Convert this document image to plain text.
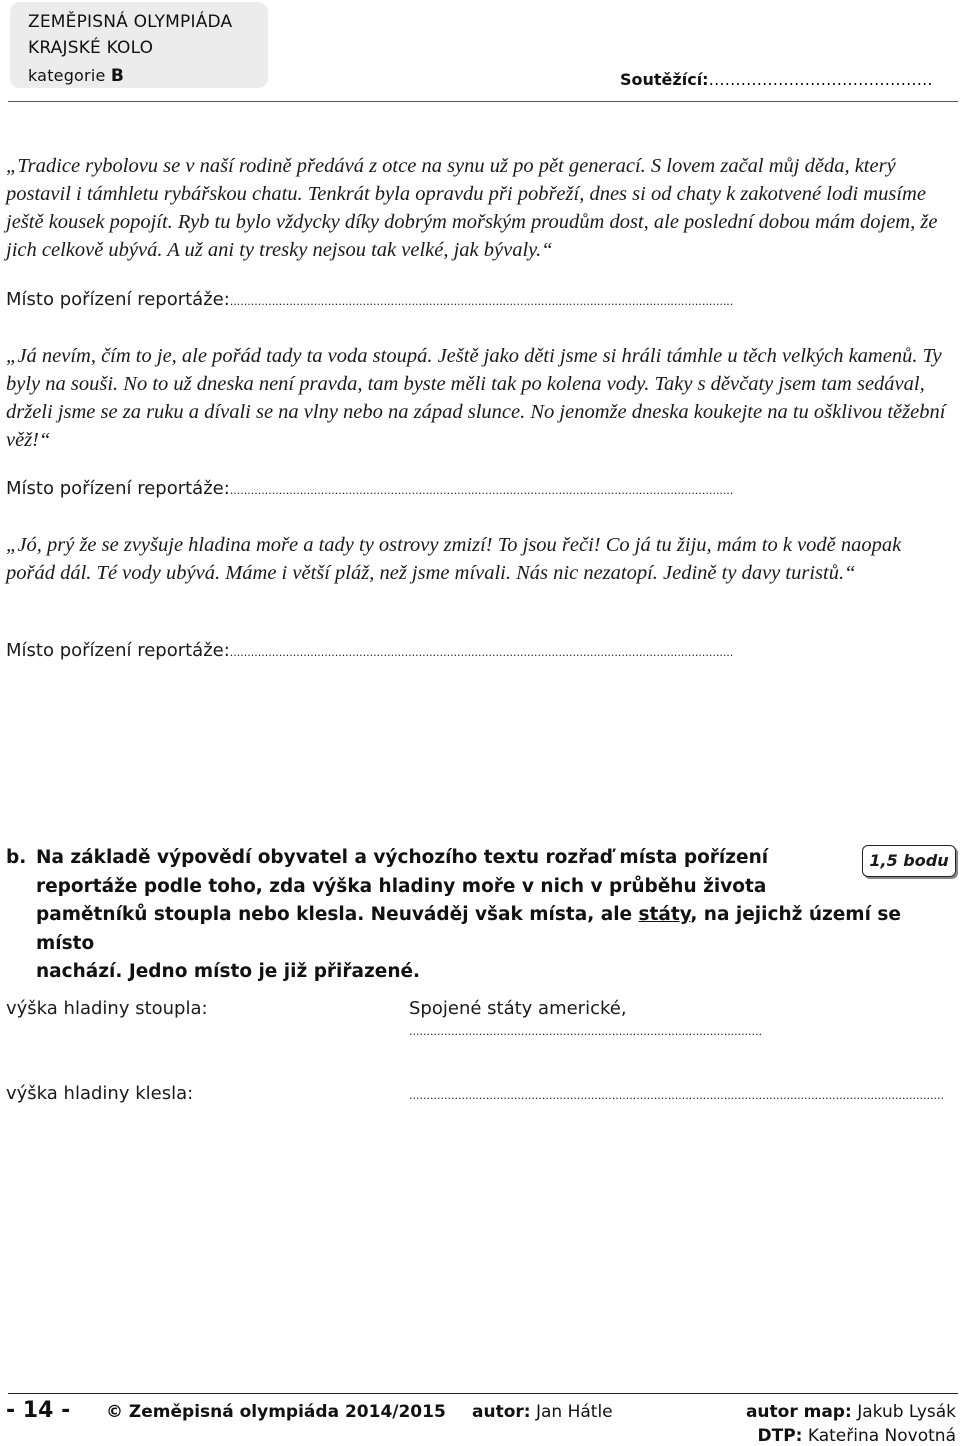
ZEMĚPISNÁ OLYMPIÁDA
KRAJSKÉ KOLO
kategorie B	Soutěžící:……………………………………
„Tradice rybolovu se v naší rodině předává z otce na synu už po pět generací. S lovem začal můj děda, který postavil i támhletu rybářskou chatu. Tenkrát byla opravdu při pobřeží, dnes si od chaty k zakotvené lodi musíme ještě kousek popojít. Ryb tu bylo vždycky díky dobrým mořským proudům dost, ale poslední dobou mám dojem, že jich celkově ubývá. A už ani ty tresky nejsou tak velké, jak bývaly.“
Místo pořízení reportáže:................................................................................................................................................
„Já nevím, čím to je, ale pořád tady ta voda stoupá. Ještě jako děti jsme si hráli támhle u těch velkých kamenů. Ty byly na souši. No to už dneska není pravda, tam byste měli tak po kolena vody. Taky s děvčaty jsem tam sedával, drželi jsme se za ruku a dívali se na vlny nebo na západ slunce. No jenomže dneska koukejte na tu ošklivou těžební věž!“
Místo pořízení reportáže:................................................................................................................................................
„Jó, prý že se zvyšuje hladina moře a tady ty ostrovy zmizí! To jsou řeči! Co já tu žiju, mám to k vodě naopak pořád dál. Té vody ubývá. Máme i větší pláž, než jsme mívali. Nás nic nezatopí. Jedině ty davy turistů.“
Místo pořízení reportáže:................................................................................................................................................
b. Na základě výpovědí obyvatel a výchozího textu rozřaď místa pořízení
reportáže podle toho, zda výška hladiny moře v nich v průběhu života
pamětníků stoupla nebo klesla. Neuváděj však místa, ale státy, na jejichž území se místo
nachází. Jedno místo je již přiřazené.
1,5 bodu
výška hladiny stoupla:	Spojené státy americké, .....................................................................................................
výška hladiny klesla:	.........................................................................................................................................................
- 14 - © Zeměpisná olympiáda 2014/2015 autor: Jan Hátle	autor map: Jakub Lysák
DTP: Kateřina Novotná
